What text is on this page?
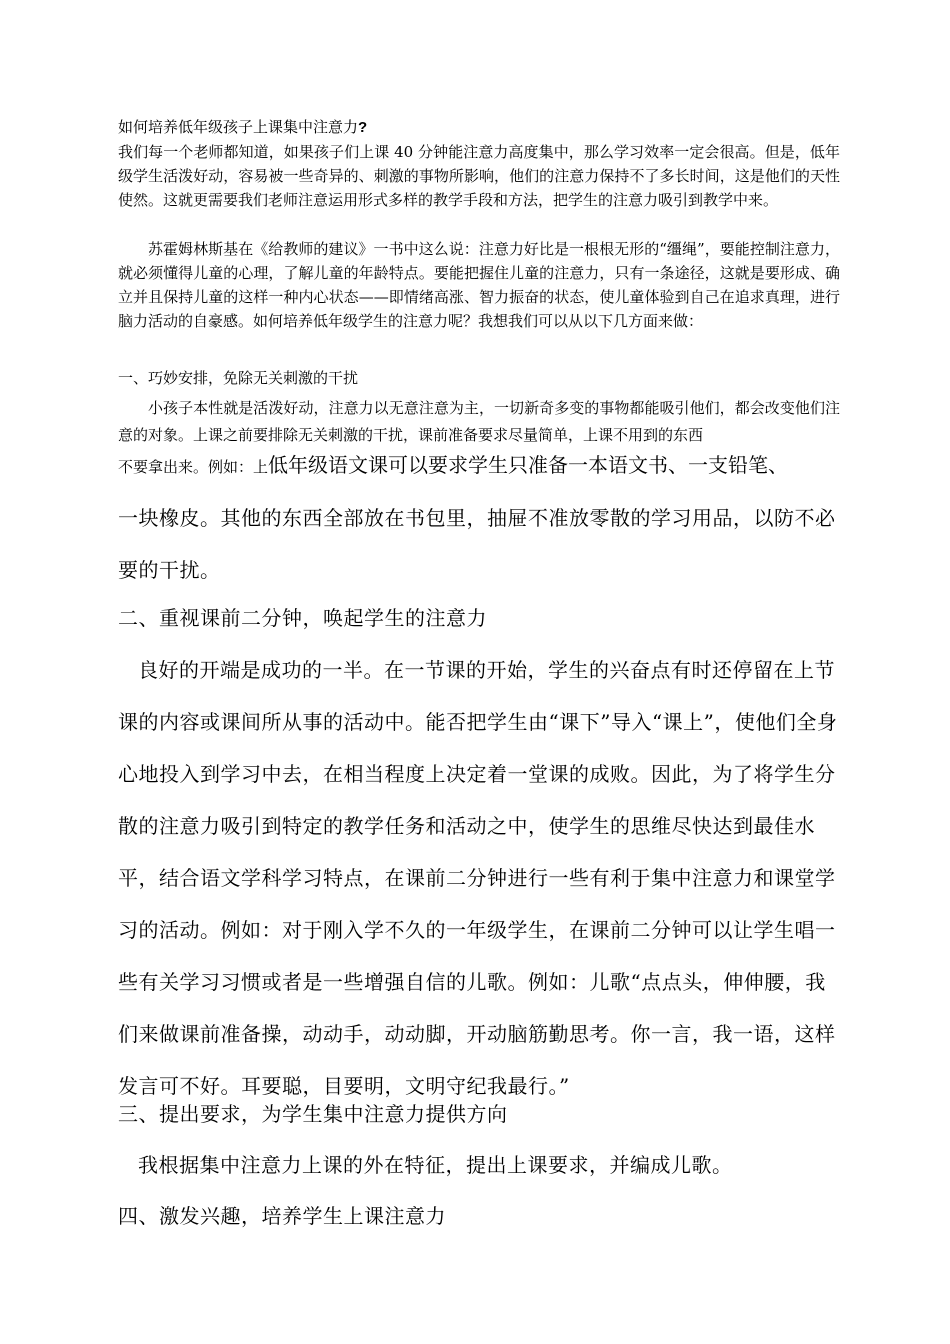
如何培养低年级孩子上课集中注意力?
我们每一个老师都知道，如果孩子们上课 40 分钟能注意力高度集中，那么学习效率一定会很高。但是，低年级学生活泼好动，容易被一些奇异的、刺激的事物所影响，他们的注意力保持不了多长时间，这是他们的天性使然。这就更需要我们老师注意运用形式多样的教学手段和方法，把学生的注意力吸引到教学中来。
苏霍姆林斯基在《给教师的建议》一书中这么说：注意力好比是一根根无形的“缰绳”，要能控制注意力，就必须懂得儿童的心理，了解儿童的年龄特点。要能把握住儿童的注意力，只有一条途径，这就是要形成、确立并且保持儿童的这样一种内心状态——即情绪高涨、智力振奋的状态，使儿童体验到自己在追求真理，进行脑力活动的自豪感。如何培养低年级学生的注意力呢？我想我们可以从以下几方面来做：
一、巧妙安排，免除无关刺激的干扰
小孩子本性就是活泼好动，注意力以无意注意为主，一切新奇多变的事物都能吸引他们，都会改变他们注意的对象。上课之前要排除无关刺激的干扰，课前准备要求尽量简单，上课不用到的东西
不要拿出来。例如：上低年级语文课可以要求学生只准备一本语文书、一支铅笔、
一块橡皮。其他的东西全部放在书包里，抽屉不准放零散的学习用品，以防不必要的干扰。
二、重视课前二分钟，唤起学生的注意力
良好的开端是成功的一半。在一节课的开始，学生的兴奋点有时还停留在上节课的内容或课间所从事的活动中。能否把学生由“课下”导入“课上”，使他们全身心地投入到学习中去，在相当程度上决定着一堂课的成败。因此，为了将学生分散的注意力吸引到特定的教学任务和活动之中，使学生的思维尽快达到最佳水平，结合语文学科学习特点，在课前二分钟进行一些有利于集中注意力和课堂学习的活动。例如：对于刚入学不久的一年级学生，在课前二分钟可以让学生唱一些有关学习习惯或者是一些增强自信的儿歌。例如：儿歌“点点头，伸伸腰，我们来做课前准备操，动动手，动动脚，开动脑筋勤思考。你一言，我一语，这样发言可不好。耳要聪，目要明，文明守纪我最行。”
三、提出要求，为学生集中注意力提供方向
我根据集中注意力上课的外在特征，提出上课要求，并编成儿歌。
四、激发兴趣，培养学生上课注意力
